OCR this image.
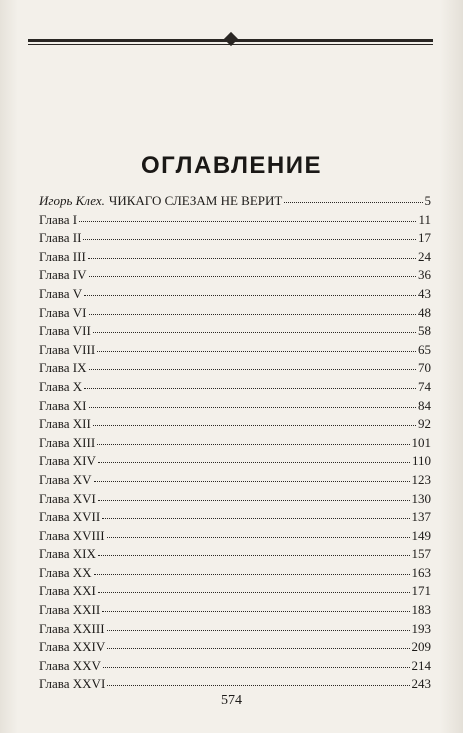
ОГЛАВЛЕНИЕ
Игорь Клех. ЧИКАГО СЛЕЗАМ НЕ ВЕРИТ	5
Глава I	11
Глава II	17
Глава III	24
Глава IV	36
Глава V	43
Глава VI	48
Глава VII	58
Глава VIII	65
Глава IX	70
Глава X	74
Глава XI	84
Глава XII	92
Глава XIII	101
Глава XIV	110
Глава XV	123
Глава XVI	130
Глава XVII	137
Глава XVIII	149
Глава XIX	157
Глава XX	163
Глава XXI	171
Глава XXII	183
Глава XXIII	193
Глава XXIV	209
Глава XXV	214
Глава XXVI	243
574
